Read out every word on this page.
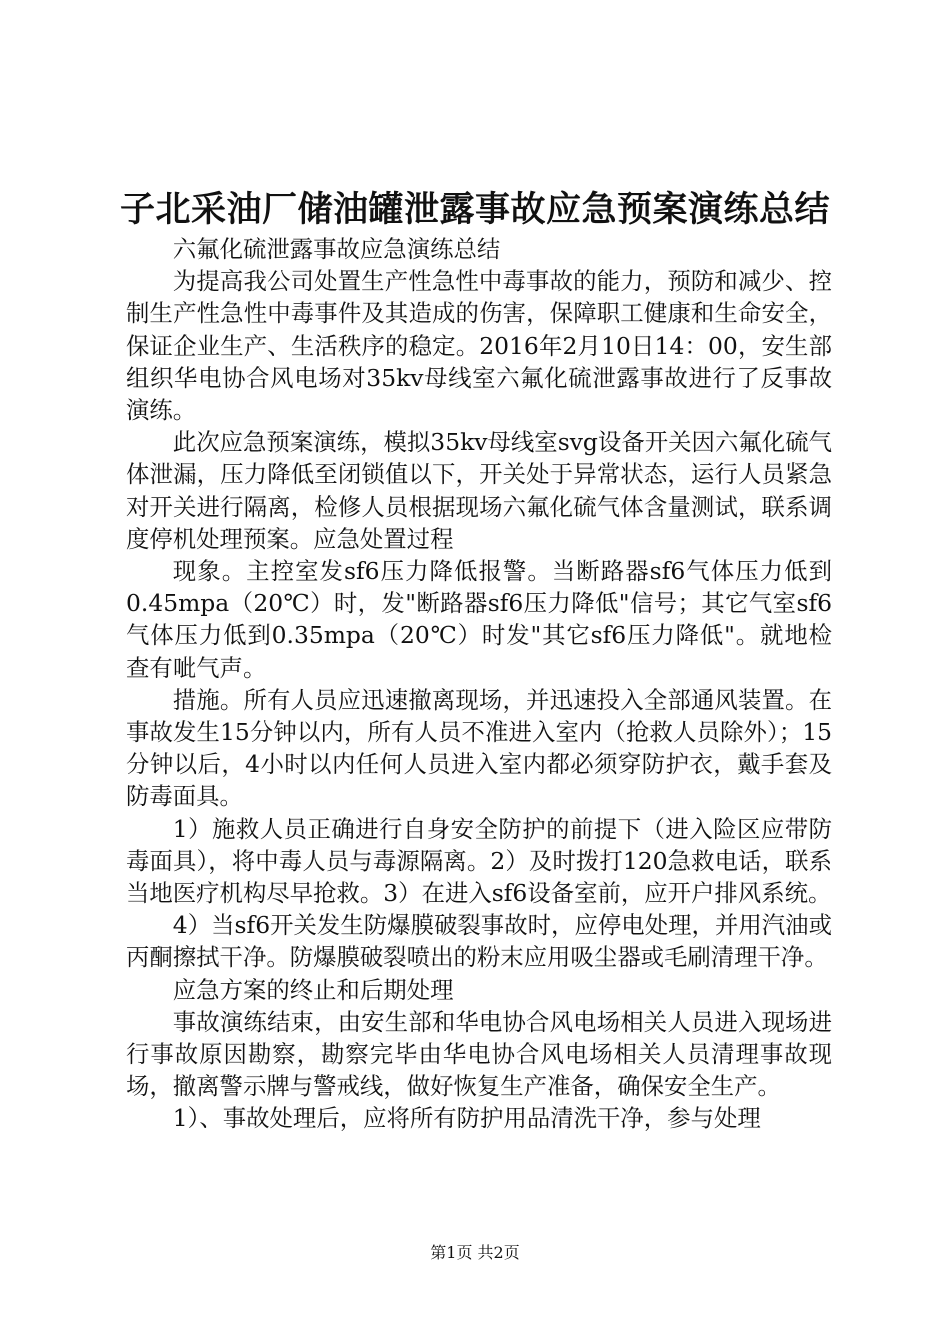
子北采油厂储油罐泄露事故应急预案演练总结

六氟化硫泄露事故应急演练总结

为提高我公司处置生产性急性中毒事故的能力，预防和减少、控制生产性急性中毒事件及其造成的伤害，保障职工健康和生命安全，保证企业生产、生活秩序的稳定。2016年2月10日14：00，安生部组织华电协合风电场对35kv母线室六氟化硫泄露事故进行了反事故演练。

此次应急预案演练，模拟35kv母线室svg设备开关因六氟化硫气体泄漏，压力降低至闭锁值以下，开关处于异常状态，运行人员紧急对开关进行隔离，检修人员根据现场六氟化硫气体含量测试，联系调度停机处理预案。应急处置过程

现象。主控室发sf6压力降低报警。当断路器sf6气体压力低到0.45mpa（20℃）时，发"断路器sf6压力降低"信号；其它气室sf6气体压力低到0.35mpa（20℃）时发"其它sf6压力降低"。就地检查有呲气声。

措施。所有人员应迅速撤离现场，并迅速投入全部通风装置。在事故发生15分钟以内，所有人员不准进入室内（抢救人员除外）；15分钟以后，4小时以内任何人员进入室内都必须穿防护衣，戴手套及防毒面具。

1）施救人员正确进行自身安全防护的前提下（进入险区应带防毒面具），将中毒人员与毒源隔离。2）及时拨打120急救电话，联系当地医疗机构尽早抢救。3）在进入sf6设备室前，应开户排风系统。

4）当sf6开关发生防爆膜破裂事故时，应停电处理，并用汽油或丙酮擦拭干净。防爆膜破裂喷出的粉末应用吸尘器或毛刷清理干净。

应急方案的终止和后期处理

事故演练结束，由安生部和华电协合风电场相关人员进入现场进行事故原因勘察，勘察完毕由华电协合风电场相关人员清理事故现场，撤离警示牌与警戒线，做好恢复生产准备，确保安全生产。

1）、事故处理后，应将所有防护用品清洗干净，参与处理

第1页 共2页
